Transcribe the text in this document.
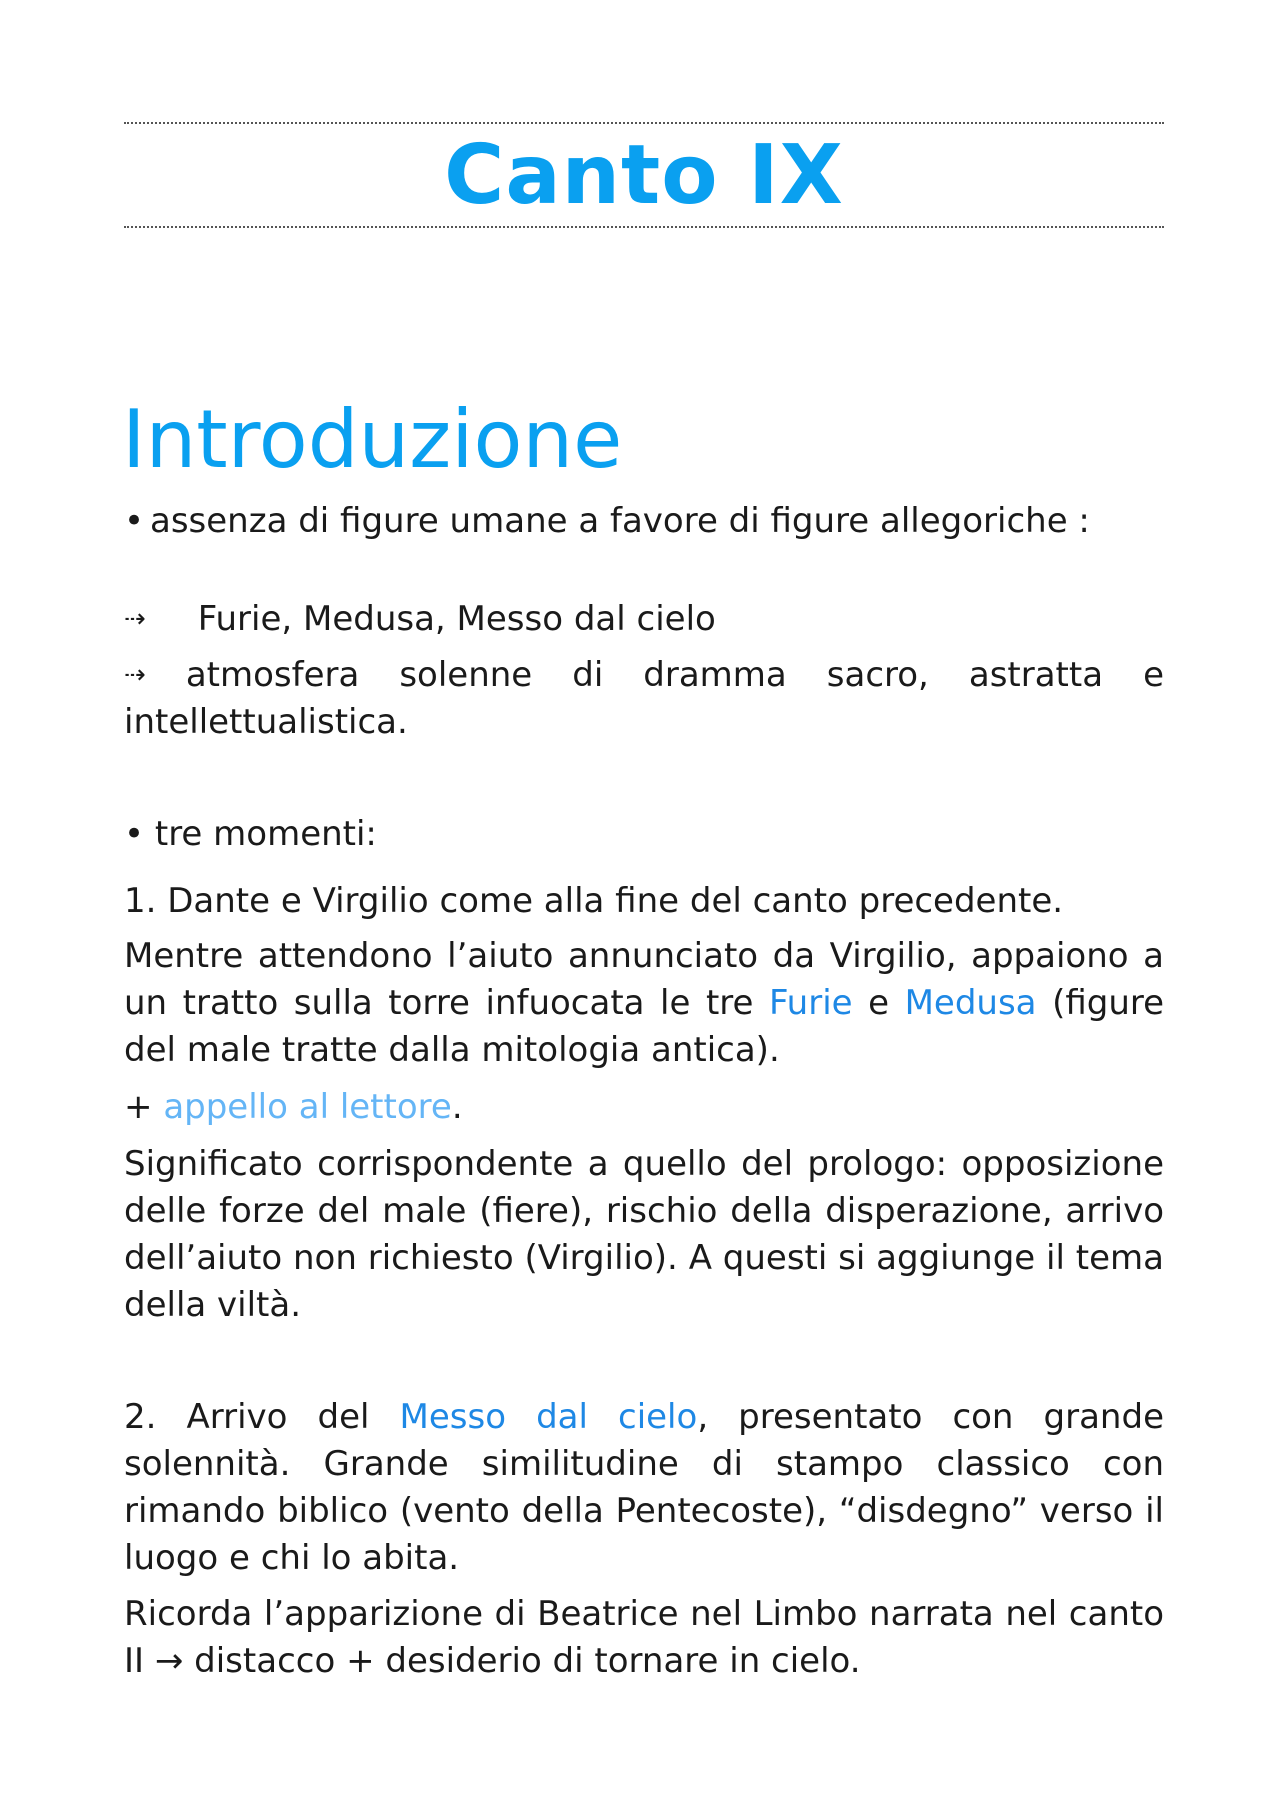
Canto IX
Introduzione
• assenza di figure umane a favore di figure allegoriche :
⇢ Furie, Medusa, Messo dal cielo
⇢ atmosfera solenne di dramma sacro, astratta e intellettualistica.
• tre momenti:
1. Dante e Virgilio come alla fine del canto precedente.
Mentre attendono l’aiuto annunciato da Virgilio, appaiono a un tratto sulla torre infuocata le tre Furie e Medusa (figure del male tratte dalla mitologia antica).
+ appello al lettore.
Significato corrispondente a quello del prologo: opposizione delle forze del male (fiere), rischio della disperazione, arrivo dell’aiuto non richiesto (Virgilio). A questi si aggiunge il tema della viltà.
2. Arrivo del Messo dal cielo, presentato con grande solennità. Grande similitudine di stampo classico con rimando biblico (vento della Pentecoste), “disdegno” verso il luogo e chi lo abita.
Ricorda l’apparizione di Beatrice nel Limbo narrata nel canto II → distacco + desiderio di tornare in cielo.
